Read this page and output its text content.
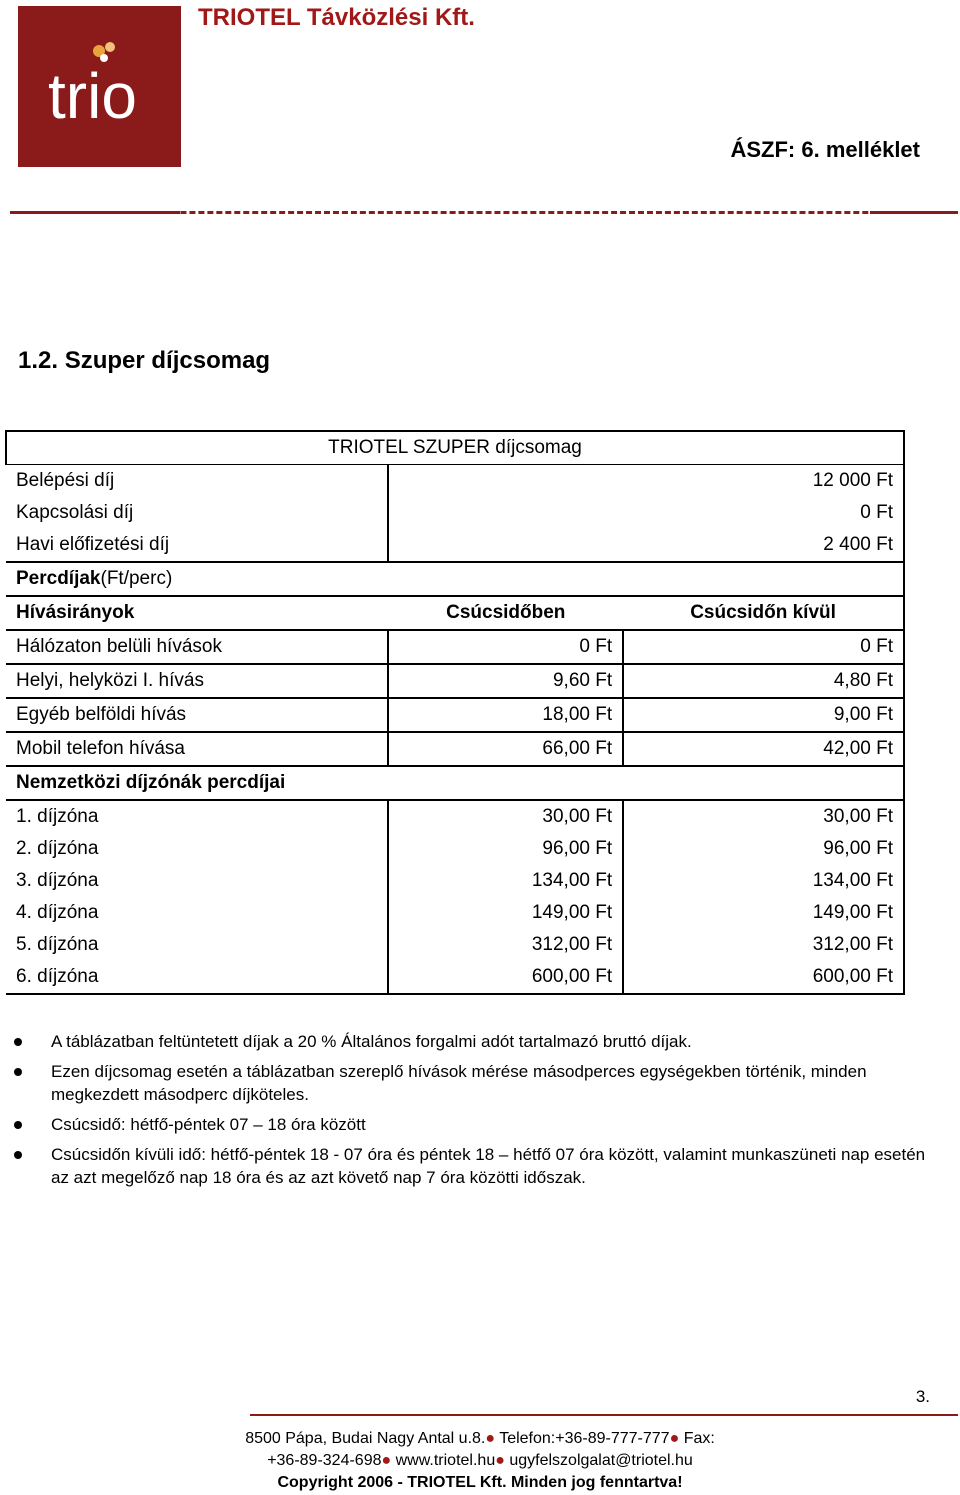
trio
TRIOTEL Távközlési Kft.
ÁSZF: 6. melléklet
1.2. Szuper díjcsomag
TRIOTEL SZUPER díjcsomag		
Belépési díj	12 000 Ft	
Kapcsolási díj	0 Ft	
Havi előfizetési díj	2 400 Ft	
Percdíjak(Ft/perc)		
Hívásirányok	Csúcsidőben	Csúcsidőn kívül
Hálózaton belüli hívások	0 Ft	0 Ft
Helyi, helyközi I. hívás	9,60 Ft	4,80 Ft
Egyéb belföldi hívás	18,00 Ft	9,00 Ft
Mobil telefon hívása	66,00 Ft	42,00 Ft
Nemzetközi díjzónák percdíjai		
1. díjzóna	30,00 Ft	30,00 Ft
2. díjzóna	96,00 Ft	96,00 Ft
3. díjzóna	134,00 Ft	134,00 Ft
4. díjzóna	149,00 Ft	149,00 Ft
5. díjzóna	312,00 Ft	312,00 Ft
6. díjzóna	600,00 Ft	600,00 Ft
A táblázatban feltüntetett díjak a 20 % Általános forgalmi adót tartalmazó bruttó díjak.
Ezen díjcsomag esetén a táblázatban szereplő hívások mérése másodperces egységekben történik, minden megkezdett másodperc díjköteles.
Csúcsidő: hétfő-péntek 07 – 18 óra között
Csúcsidőn kívüli idő: hétfő-péntek 18 - 07 óra és péntek 18 – hétfő 07 óra között, valamint munkaszüneti nap esetén az azt megelőző nap 18 óra és az azt követő nap 7 óra közötti időszak.
3.
8500 Pápa, Budai Nagy Antal u.8.● Telefon:+36-89-777-777● Fax:
+36-89-324-698● www.triotel.hu● ugyfelszolgalat@triotel.hu
Copyright 2006 - TRIOTEL Kft. Minden jog fenntartva!
